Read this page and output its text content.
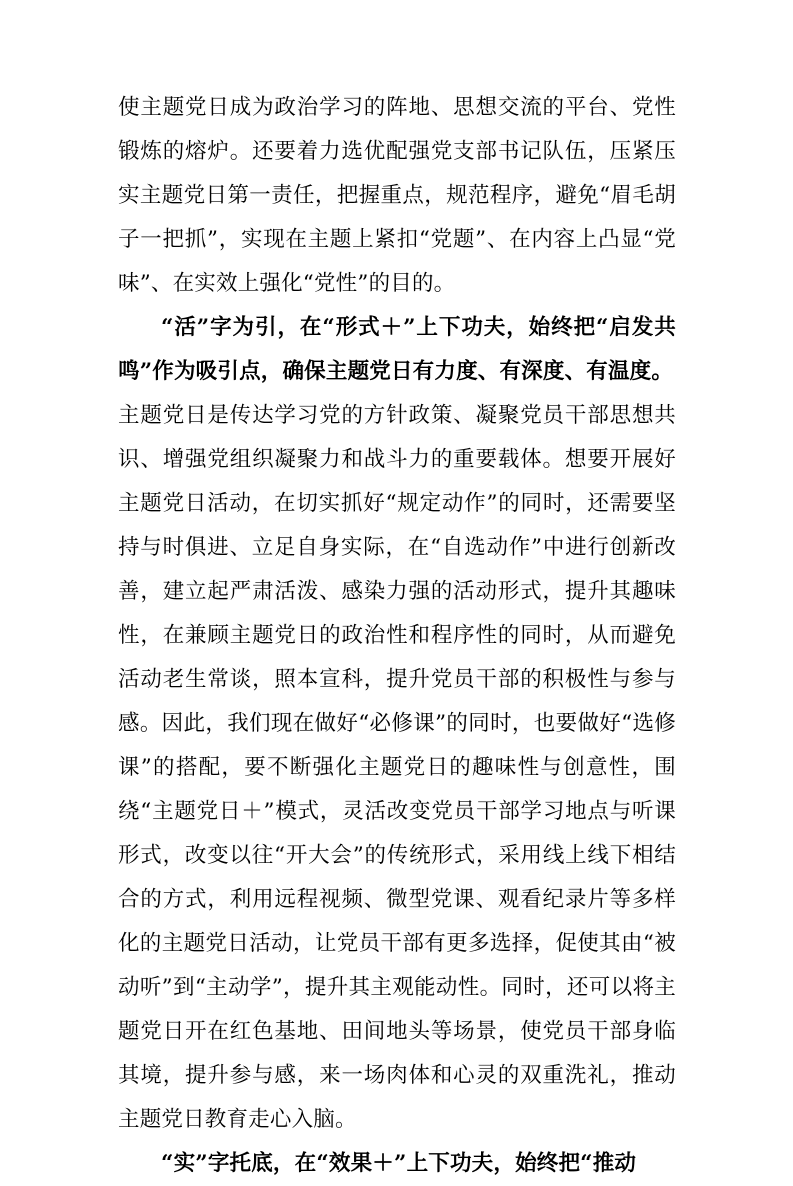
使主题党日成为政治学习的阵地、思想交流的平台、党性锻炼的熔炉。还要着力选优配强党支部书记队伍，压紧压实主题党日第一责任，把握重点，规范程序，避免“眉毛胡子一把抓”，实现在主题上紧扣“党题”、在内容上凸显“党味”、在实效上强化“党性”的目的。

“活”字为引，在“形式＋”上下功夫，始终把“启发共鸣”作为吸引点，确保主题党日有力度、有深度、有温度。

主题党日是传达学习党的方针政策、凝聚党员干部思想共识、增强党组织凝聚力和战斗力的重要载体。想要开展好主题党日活动，在切实抓好“规定动作”的同时，还需要坚持与时俱进、立足自身实际，在“自选动作”中进行创新改善，建立起严肃活泼、感染力强的活动形式，提升其趣味性，在兼顾主题党日的政治性和程序性的同时，从而避免活动老生常谈，照本宣科，提升党员干部的积极性与参与感。因此，我们现在做好“必修课”的同时，也要做好“选修课”的搭配，要不断强化主题党日的趣味性与创意性，围绕“主题党日＋”模式，灵活改变党员干部学习地点与听课形式，改变以往“开大会”的传统形式，采用线上线下相结合的方式，利用远程视频、微型党课、观看纪录片等多样化的主题党日活动，让党员干部有更多选择，促使其由“被动听”到“主动学”，提升其主观能动性。同时，还可以将主题党日开在红色基地、田间地头等场景，使党员干部身临其境，提升参与感，来一场肉体和心灵的双重洗礼，推动主题党日教育走心入脑。

“实”字托底，在“效果＋”上下功夫，始终把“推动
